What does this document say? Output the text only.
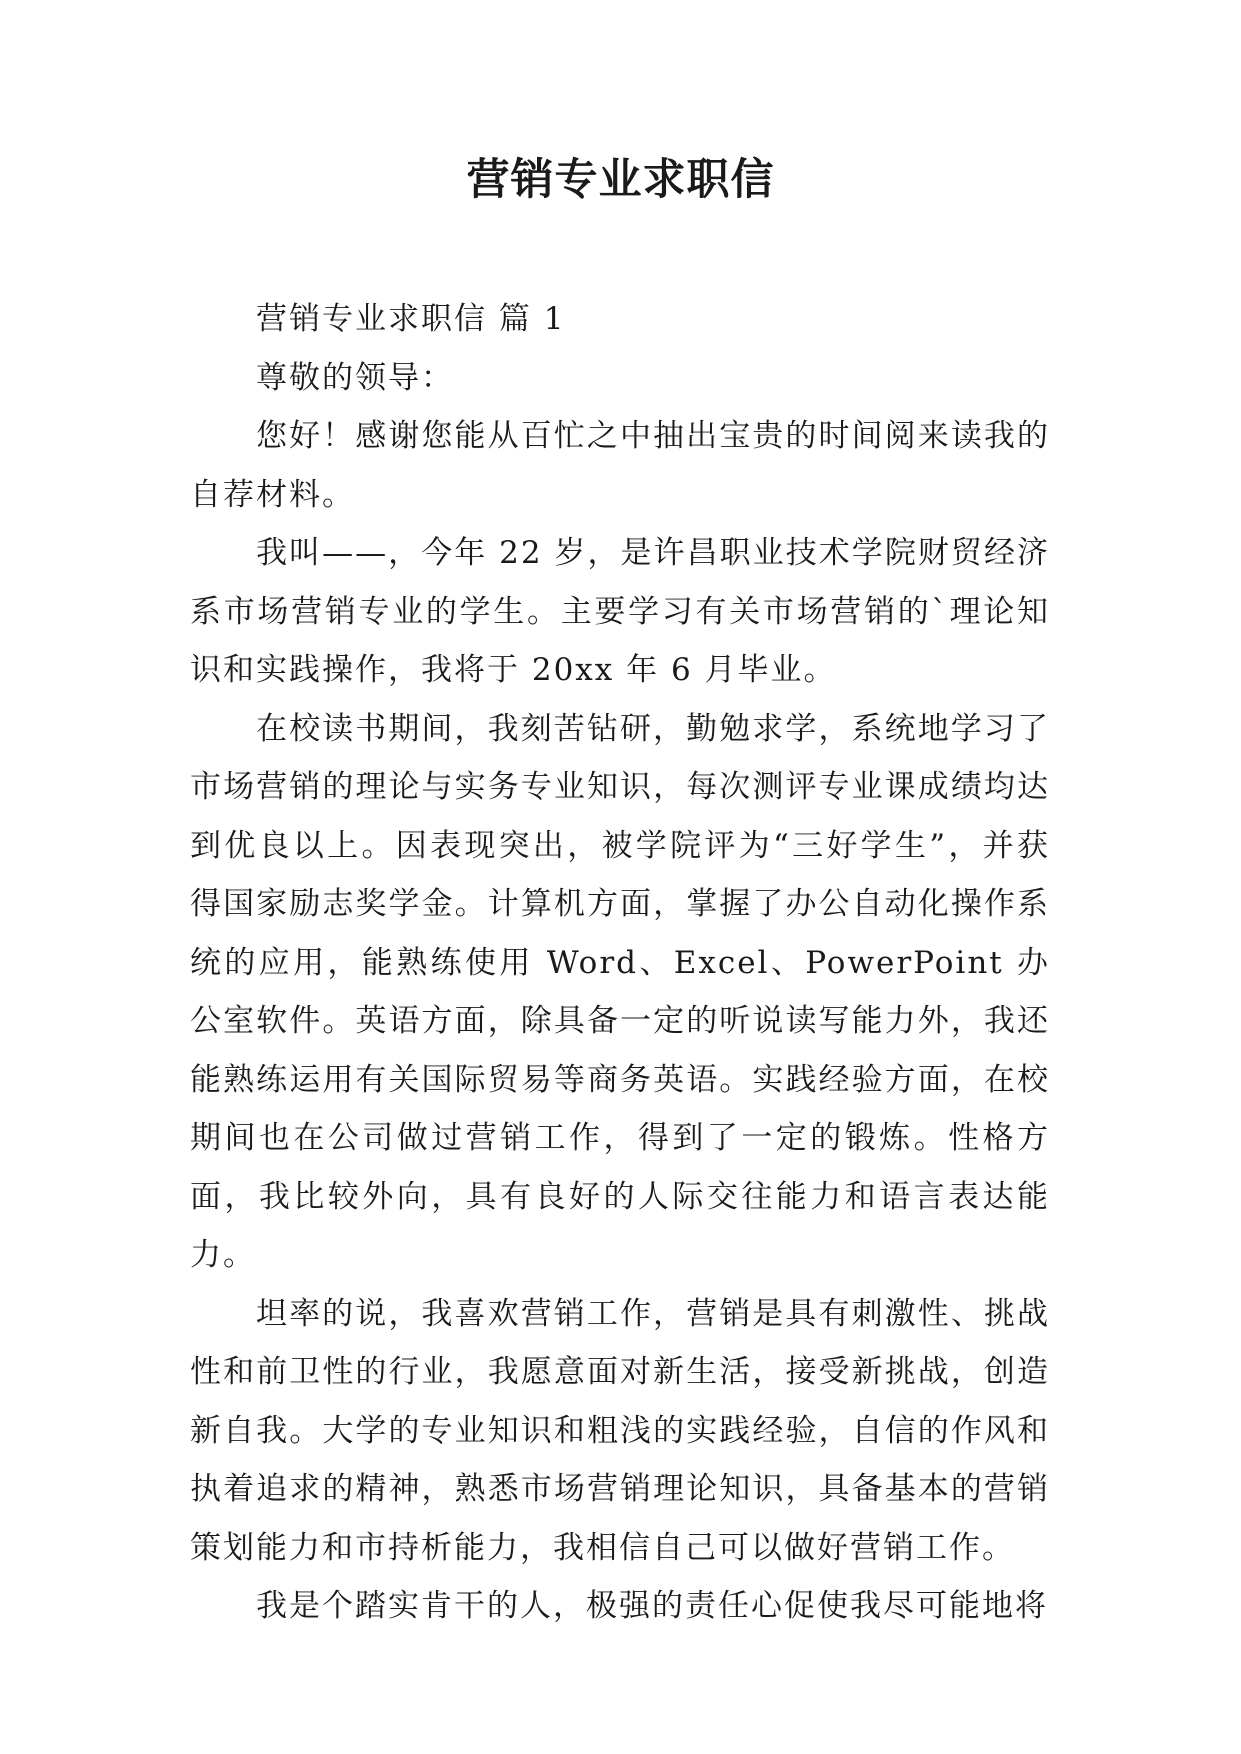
营销专业求职信

营销专业求职信 篇 1

尊敬的领导：

您好！感谢您能从百忙之中抽出宝贵的时间阅来读我的自荐材料。

我叫——，今年 22 岁，是许昌职业技术学院财贸经济系市场营销专业的学生。主要学习有关市场营销的`理论知识和实践操作，我将于 20xx 年 6 月毕业。

在校读书期间，我刻苦钻研，勤勉求学，系统地学习了市场营销的理论与实务专业知识，每次测评专业课成绩均达到优良以上。因表现突出，被学院评为“三好学生”，并获得国家励志奖学金。计算机方面，掌握了办公自动化操作系统的应用，能熟练使用 Word、Excel、PowerPoint 办公室软件。英语方面，除具备一定的听说读写能力外，我还能熟练运用有关国际贸易等商务英语。实践经验方面，在校期间也在公司做过营销工作，得到了一定的锻炼。性格方面，我比较外向，具有良好的人际交往能力和语言表达能力。

坦率的说，我喜欢营销工作，营销是具有刺激性、挑战性和前卫性的行业，我愿意面对新生活，接受新挑战，创造新自我。大学的专业知识和粗浅的实践经验，自信的作风和执着追求的精神，熟悉市场营销理论知识，具备基本的营销策划能力和市持析能力，我相信自己可以做好营销工作。

我是个踏实肯干的人，极强的责任心促使我尽可能地将
